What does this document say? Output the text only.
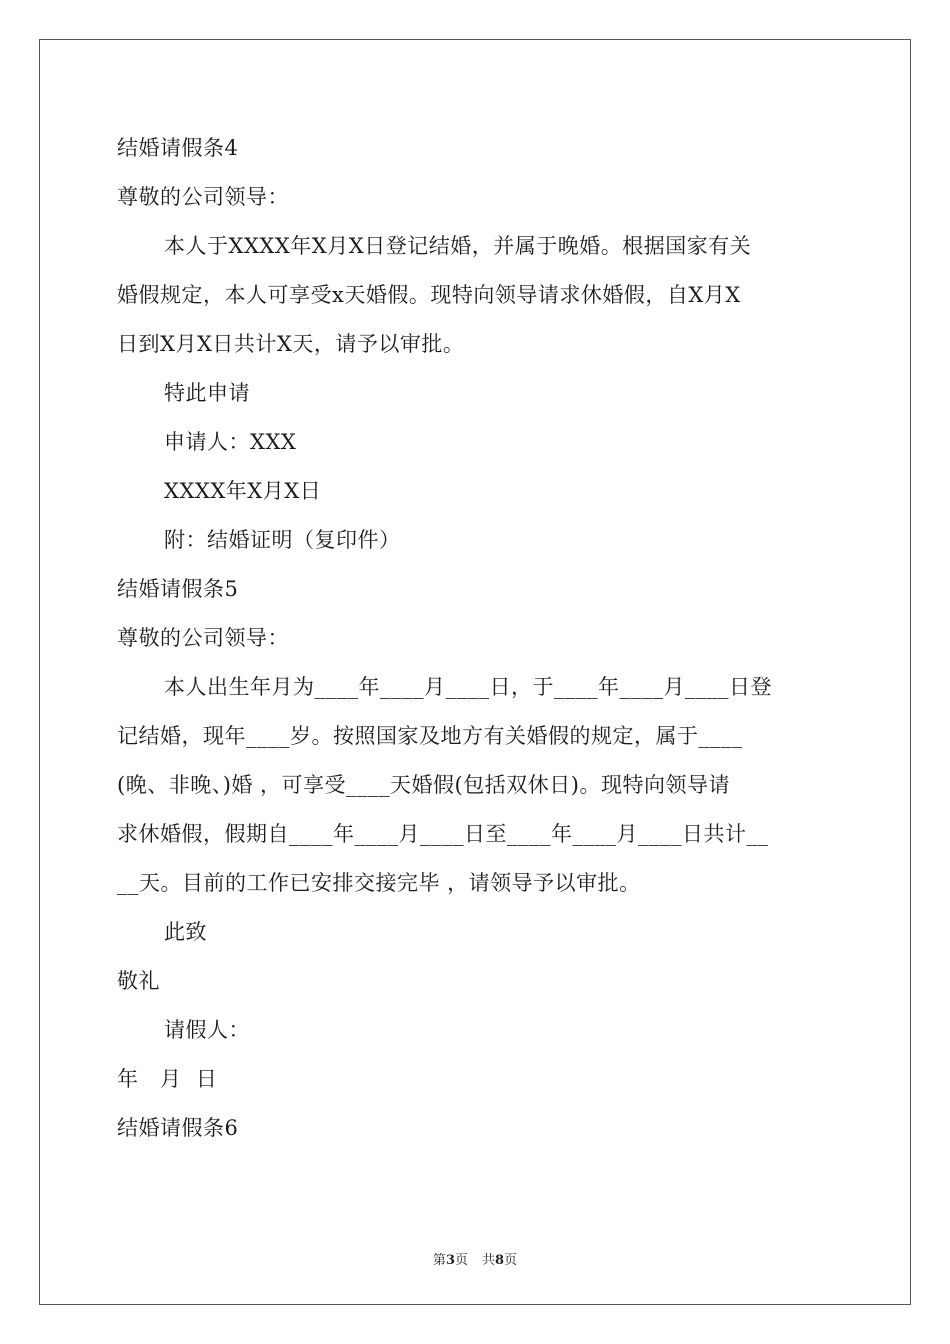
结婚请假条4
尊敬的公司领导：
本人于XXXX年X月X日登记结婚，并属于晚婚。根据国家有关
婚假规定，本人可享受x天婚假。现特向领导请求休婚假，自X月X
日到X月X日共计X天，请予以审批。
特此申请
申请人：XXX
XXXX年X月X日
附：结婚证明（复印件）
结婚请假条5
尊敬的公司领导：
本人出生年月为____年____月____日，于____年____月____日登
记结婚，现年____岁。按照国家及地方有关婚假的规定，属于____
(晚、非晚、)婚 ，可享受____天婚假(包括双休日)。现特向领导请
求休婚假，假期自____年____月____日至____年____月____日共计__
__天。目前的工作已安排交接完毕 ，请领导予以审批。
此致
敬礼
请假人：
年   月  日
结婚请假条6
第3页 共8页
